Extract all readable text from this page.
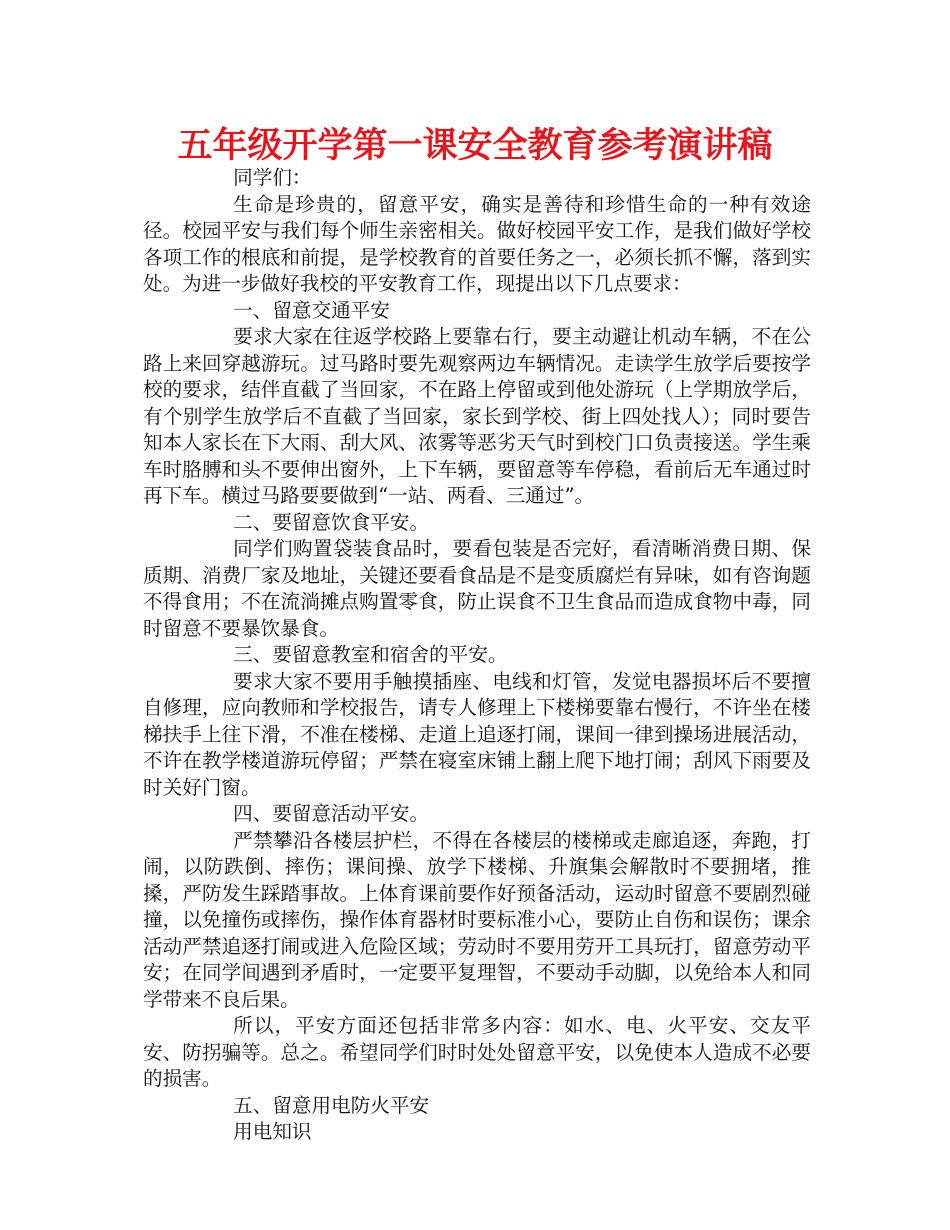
五年级开学第一课安全教育参考演讲稿

同学们：

生命是珍贵的，留意平安，确实是善待和珍惜生命的一种有效途径。校园平安与我们每个师生亲密相关。做好校园平安工作，是我们做好学校各项工作的根底和前提，是学校教育的首要任务之一，必须长抓不懈，落到实处。为进一步做好我校的平安教育工作，现提出以下几点要求：

一、留意交通平安

要求大家在往返学校路上要靠右行，要主动避让机动车辆，不在公路上来回穿越游玩。过马路时要先观察两边车辆情况。走读学生放学后要按学校的要求，结伴直截了当回家，不在路上停留或到他处游玩（上学期放学后，有个别学生放学后不直截了当回家，家长到学校、街上四处找人）；同时要告知本人家长在下大雨、刮大风、浓雾等恶劣天气时到校门口负责接送。学生乘车时胳膊和头不要伸出窗外，上下车辆，要留意等车停稳，看前后无车通过时再下车。横过马路要要做到“一站、两看、三通过”。

二、要留意饮食平安。

同学们购置袋装食品时，要看包装是否完好，看清晰消费日期、保质期、消费厂家及地址，关键还要看食品是不是变质腐烂有异味，如有咨询题不得食用；不在流淌摊点购置零食，防止误食不卫生食品而造成食物中毒，同时留意不要暴饮暴食。

三、要留意教室和宿舍的平安。

要求大家不要用手触摸插座、电线和灯管，发觉电器损坏后不要擅自修理，应向教师和学校报告，请专人修理上下楼梯要靠右慢行，不许坐在楼梯扶手上往下滑，不准在楼梯、走道上追逐打闹，课间一律到操场进展活动，不许在教学楼道游玩停留；严禁在寝室床铺上翻上爬下地打闹；刮风下雨要及时关好门窗。

四、要留意活动平安。

严禁攀沿各楼层护栏，不得在各楼层的楼梯或走廊追逐，奔跑，打闹，以防跌倒、摔伤；课间操、放学下楼梯、升旗集会解散时不要拥堵，推搡，严防发生踩踏事故。上体育课前要作好预备活动，运动时留意不要剧烈碰撞，以免撞伤或摔伤，操作体育器材时要标准小心，要防止自伤和误伤；课余活动严禁追逐打闹或进入危险区域；劳动时不要用劳开工具玩打，留意劳动平安；在同学间遇到矛盾时，一定要平复理智，不要动手动脚，以免给本人和同学带来不良后果。

所以，平安方面还包括非常多内容：如水、电、火平安、交友平安、防拐骗等。总之。希望同学们时时处处留意平安，以免使本人造成不必要的损害。

五、留意用电防火平安

用电知识
